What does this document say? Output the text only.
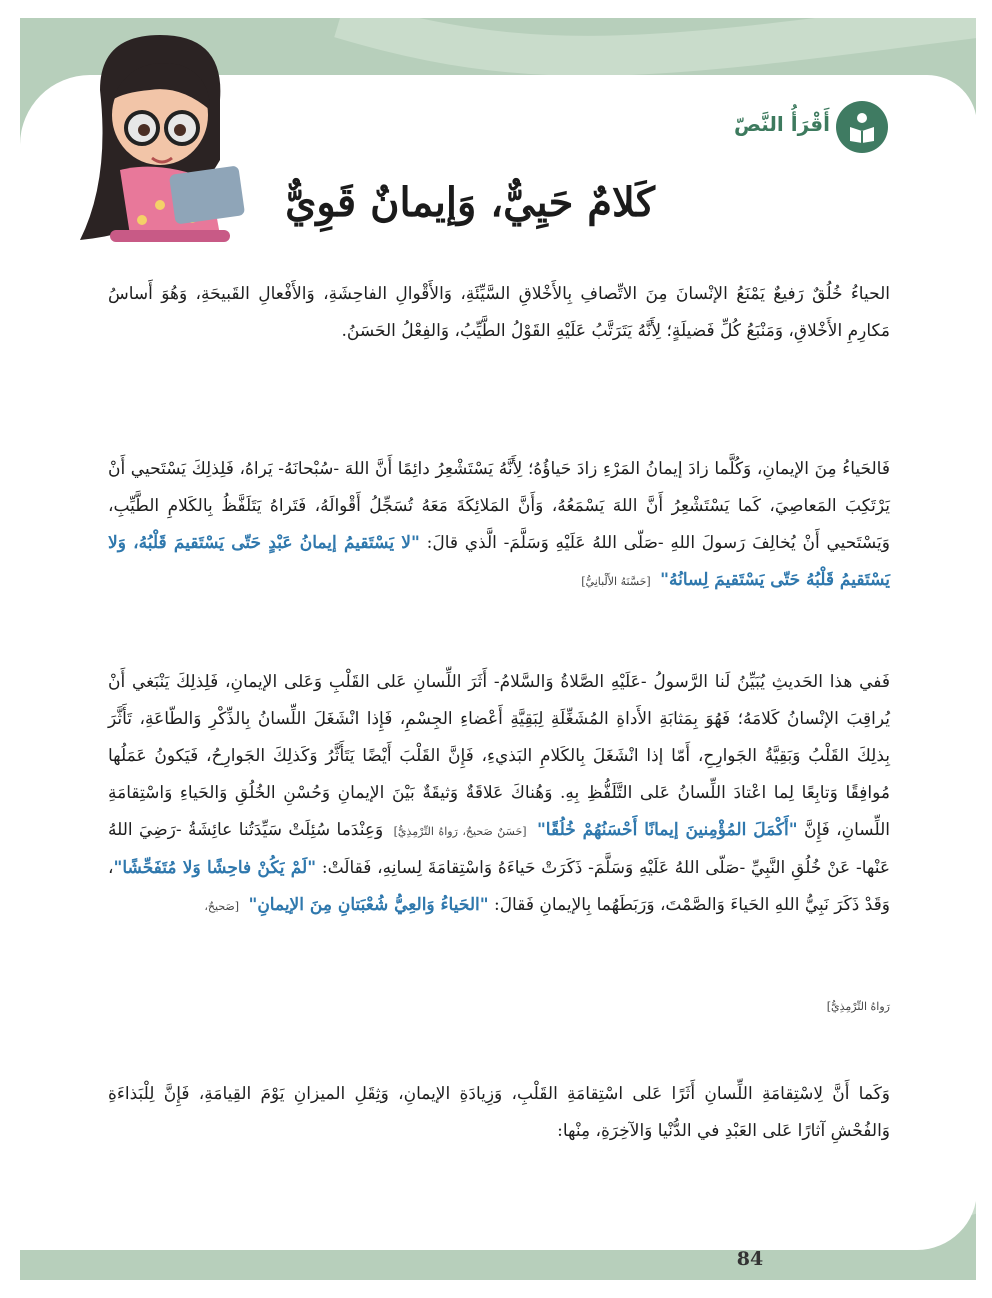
أَقْرَأُ النَّصّ
كَلامٌ حَيِيٌّ، وَإيمانٌ قَوِيٌّ
الحياءُ خُلُقٌ رَفيعٌ يَمْنَعُ الإنْسانَ مِنَ الاتِّصافِ بِالأَخْلاقِ السَّيِّئَةِ، وَالأَقْوالِ الفاحِشَةِ، وَالأَفْعالِ القَبيحَةِ، وَهُوَ أَساسُ مَكارِمِ الأَخْلاقِ، وَمَنْبَعُ كُلِّ فَضيلَةٍ؛ لِأَنَّهُ يَتَرَتَّبُ عَلَيْهِ القَوْلُ الطَّيِّبُ، وَالفِعْلُ الحَسَنُ.
فَالحَياءُ مِنَ الإيمانِ، وَكُلَّما زادَ إيمانُ المَرْءِ زادَ حَياؤُهُ؛ لِأَنَّهُ يَسْتَشْعِرُ دائِمًا أَنَّ اللهَ -سُبْحانَهُ- يَراهُ، فَلِذلِكَ يَسْتَحيي أَنْ يَرْتَكِبَ المَعاصِيَ، كَما يَسْتَشْعِرُ أَنَّ اللهَ يَسْمَعُهُ، وَأَنَّ المَلائِكَةَ مَعَهُ تُسَجِّلُ أَقْوالَهُ، فَتَراهُ يَتَلَفَّظُ بِالكَلامِ الطَّيِّبِ، وَيَسْتَحيي أَنْ يُخالِفَ رَسولَ اللهِ -صَلّى اللهُ عَلَيْهِ وَسَلَّمَ- الَّذي قالَ: "لا يَسْتَقيمُ إيمانُ عَبْدٍ حَتّى يَسْتَقيمَ قَلْبُهُ، وَلا يَسْتَقيمُ قَلْبُهُ حَتّى يَسْتَقيمَ لِسانُهُ" [حَسَّنَهُ الأَلْبانِيُّ]
فَفي هذا الحَديثِ يُبَيِّنُ لَنا الرَّسولُ -عَلَيْهِ الصَّلاةُ وَالسَّلامُ- أَثَرَ اللِّسانِ عَلى القَلْبِ وَعَلى الإيمانِ، فَلِذلِكَ يَنْبَغي أَنْ يُراقِبَ الإنْسانُ كَلامَهُ؛ فَهُوَ بِمَثابَةِ الأَداةِ المُشَغِّلَةِ لِبَقِيَّةِ أَعْضاءِ الجِسْمِ، فَإِذا انْشَغَلَ اللِّسانُ بِالذِّكْرِ وَالطّاعَةِ، تَأَثَّرَ بِذلِكَ القَلْبُ وَبَقِيَّةُ الجَوارِحِ، أَمّا إذا انْشَغَلَ بِالكَلامِ البَذيءِ، فَإِنَّ القَلْبَ أَيْضًا يَتَأَثَّرُ وَكَذلِكَ الجَوارِحُ، فَيَكونُ عَمَلُها مُوافِقًا وَتابِعًا لِما اعْتادَ اللِّسانُ عَلى التَّلَفُّظِ بِهِ. وَهُناكَ عَلاقَةٌ وَثيقَةٌ بَيْنَ الإيمانِ وَحُسْنِ الخُلُقِ وَالحَياءِ وَاسْتِقامَةِ اللِّسانِ، فَإِنَّ "أَكْمَلَ المُؤْمِنينَ إيمانًا أَحْسَنُهُمْ خُلُقًا" [حَسَنٌ صَحيحٌ، رَواهُ التِّرْمِذِيُّ] وَعِنْدَما سُئِلَتْ سَيِّدَتُنا عائِشَةُ -رَضِيَ اللهُ عَنْها- عَنْ خُلُقِ النَّبِيِّ -صَلّى اللهُ عَلَيْهِ وَسَلَّمَ- ذَكَرَتْ حَياءَهُ وَاسْتِقامَةَ لِسانِهِ، فَقالَتْ: "لَمْ يَكُنْ فاحِشًا وَلا مُتَفَحِّشًا"، وَقَدْ ذَكَرَ نَبِيُّ اللهِ الحَياءَ وَالصَّمْتَ، وَرَبَطَهُما بِالإيمانِ فَقالَ: "الحَياءُ وَالعِيُّ شُعْبَتانِ مِنَ الإيمانِ" [صَحيحٌ،
رَواهُ التِّرْمِذِيُّ]
وَكَما أَنَّ لِاسْتِقامَةِ اللِّسانِ أَثَرًا عَلى اسْتِقامَةِ القَلْبِ، وَزِيادَةِ الإيمانِ، وَثِقَلِ الميزانِ يَوْمَ القِيامَةِ، فَإِنَّ لِلْبَذاءَةِ وَالفُحْشِ آثارًا عَلى العَبْدِ في الدُّنْيا وَالآخِرَةِ، مِنْها:
84
